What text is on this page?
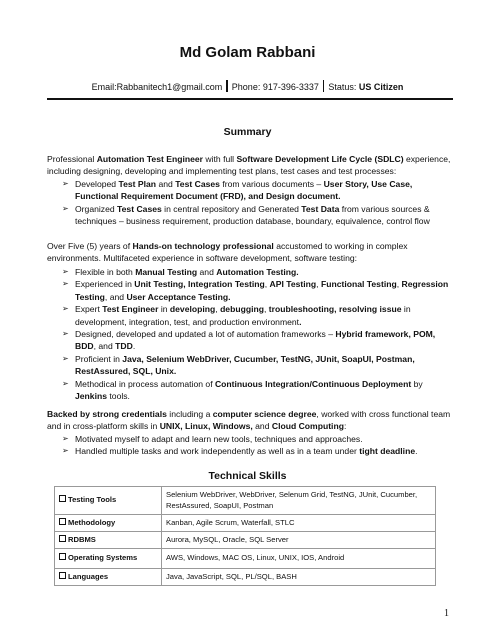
Md Golam Rabbani
Email:Rabbanitech1@gmail.com Phone: 917-396-3337 Status: US Citizen
Summary
Professional Automation Test Engineer with full Software Development Life Cycle (SDLC) experience, including designing, developing and implementing test plans, test cases and test processes:
➢ Developed Test Plan and Test Cases from various documents – User Story, Use Case, Functional Requirement Document (FRD), and Design document.
➢ Organized Test Cases in central repository and Generated Test Data from various sources & techniques – business requirement, production database, boundary, equivalence, control flow
Over Five (5) years of Hands-on technology professional accustomed to working in complex environments. Multifaceted experience in software development, software testing:
➢ Flexible in both Manual Testing and Automation Testing.
➢ Experienced in Unit Testing, Integration Testing, API Testing, Functional Testing, Regression Testing, and User Acceptance Testing.
➢ Expert Test Engineer in developing, debugging, troubleshooting, resolving issue in development, integration, test, and production environment.
➢ Designed, developed and updated a lot of automation frameworks – Hybrid framework, POM, BDD, and TDD.
➢ Proficient in Java, Selenium WebDriver, Cucumber, TestNG, JUnit, SoapUI, Postman, RestAssured, SQL, Unix.
➢ Methodical in process automation of Continuous Integration/Continuous Deployment by Jenkins tools.
Backed by strong credentials including a computer science degree, worked with cross functional team and in cross-platform skills in UNIX, Linux, Windows, and Cloud Computing:
➢ Motivated myself to adapt and learn new tools, techniques and approaches.
➢ Handled multiple tasks and work independently as well as in a team under tight deadline.
Technical Skills
Testing Tools	Selenium WebDriver, WebDriver, Selenum Grid, TestNG, JUnit, Cucumber, RestAssured, SoapUI, Postman
Methodology	Kanban, Agile Scrum, Waterfall, STLC
RDBMS	Aurora, MySQL, Oracle, SQL Server
Operating Systems	AWS, Windows, MAC OS, Linux, UNIX, IOS, Android
Languages	Java, JavaScript, SQL, PL/SQL, BASH
1
